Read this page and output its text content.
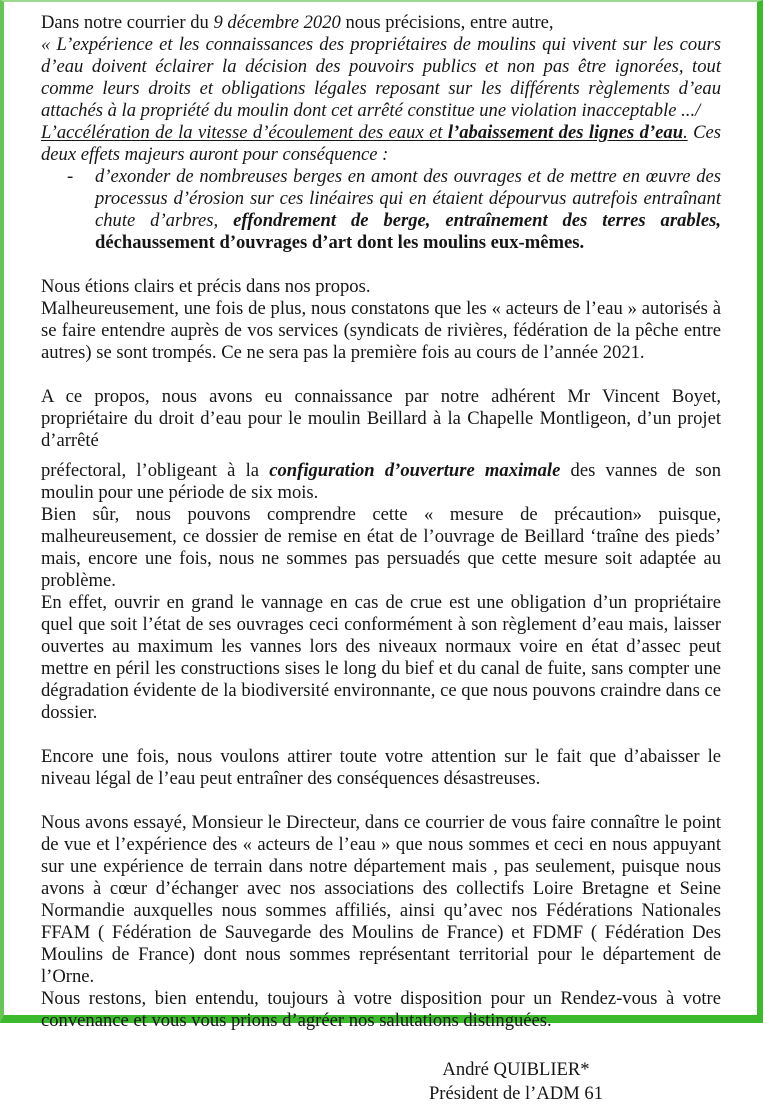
Dans notre courrier du 9 décembre 2020 nous précisions, entre autre,
« L’expérience et les connaissances des propriétaires de moulins qui vivent sur les cours d’eau doivent éclairer la décision des pouvoirs publics et non pas être ignorées, tout comme leurs droits et obligations légales reposant sur les différents règlements d’eau attachés à la propriété du moulin dont cet arrêté constitue une violation inacceptable .../
L’accélération de la vitesse d’écoulement des eaux et l’abaissement des lignes d’eau. Ces deux effets majeurs auront pour conséquence :
-	d’exonder de nombreuses berges en amont des ouvrages et de mettre en œuvre des processus d’érosion sur ces linéaires qui en étaient dépourvus autrefois entraînant chute d’arbres, effondrement de berge, entraînement des terres arables, déchaussement d’ouvrages d’art dont les moulins eux-mêmes.
Nous étions clairs et précis dans nos propos.
Malheureusement, une fois de plus, nous constatons que les « acteurs de l’eau » autorisés à se faire entendre auprès de vos services (syndicats de rivières, fédération de la pêche entre autres) se sont trompés. Ce ne sera pas la première fois au cours de l’année 2021.
A ce propos, nous avons eu connaissance par notre adhérent Mr Vincent Boyet, propriétaire du droit d’eau pour le moulin Beillard à la Chapelle Montligeon, d’un projet d’arrêté
préfectoral, l’obligeant à la configuration d’ouverture maximale des vannes de son moulin pour une période de six mois.
Bien sûr, nous pouvons comprendre cette « mesure de précaution» puisque, malheureusement, ce dossier de remise en état de l’ouvrage de Beillard ‘traîne des pieds’ mais, encore une fois, nous ne sommes pas persuadés que cette mesure soit adaptée au problème.
En effet, ouvrir en grand le vannage en cas de crue est une obligation d’un propriétaire quel que soit l’état de ses ouvrages ceci conformément à son règlement d’eau mais, laisser ouvertes au maximum les vannes lors des niveaux normaux voire en état d’assec peut mettre en péril les constructions sises le long du bief et du canal de fuite, sans compter une dégradation évidente de la biodiversité environnante, ce que nous pouvons craindre dans ce dossier.
Encore une fois, nous voulons attirer toute votre attention sur le fait que d’abaisser le niveau légal de l’eau peut entraîner des conséquences désastreuses.
Nous avons essayé, Monsieur le Directeur, dans ce courrier de vous faire connaître le point de vue et l’expérience des « acteurs de l’eau » que nous sommes et ceci en nous appuyant sur une expérience de terrain dans notre département mais , pas seulement, puisque nous avons à cœur d’échanger avec nos associations des collectifs Loire Bretagne et Seine Normandie auxquelles nous sommes affiliés, ainsi qu’avec nos Fédérations Nationales FFAM ( Fédération de Sauvegarde des Moulins de France) et FDMF ( Fédération Des Moulins de France) dont nous sommes représentant territorial pour le département de l’Orne.
Nous restons, bien entendu, toujours à votre disposition pour un Rendez-vous à votre convenance et vous vous prions d’agréer nos salutations distinguées.
André QUIBLIER*
Président de l’ADM 61
